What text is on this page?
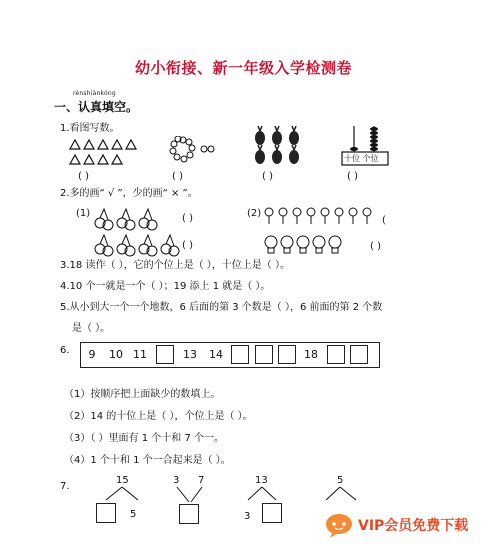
幼小衔接、新一年级入学检测卷
rènshiànkóng
一、认真填空。
1.看图写数。
十位 个位
( )	( )	( )	( )
2.多的画“ √ ”，少的画“ × ”。
(1)	(2)
( )
( )
(
( )
3.18 读作（ ），它的个位上是（ ），十位上是（ ）。
4.10 个一就是一个（ ）；19 添上 1 就是（ ）。
5.从小到大一个一个地数，6 后面的第 3 个数是（ ），6 前面的第 2 个数
是（ ）。
6.	9	10 11	13 14	18
（1）按顺序把上面缺少的数填上。
（2）14 的十位上是（ ），个位上是（ ）。
（3）（ ）里面有 1 个十和 7 个一。
（4）1 个十和 1 个一合起来是（ ）。
7.
15
5
3 7	13
3
5
VIP会员免费下载
